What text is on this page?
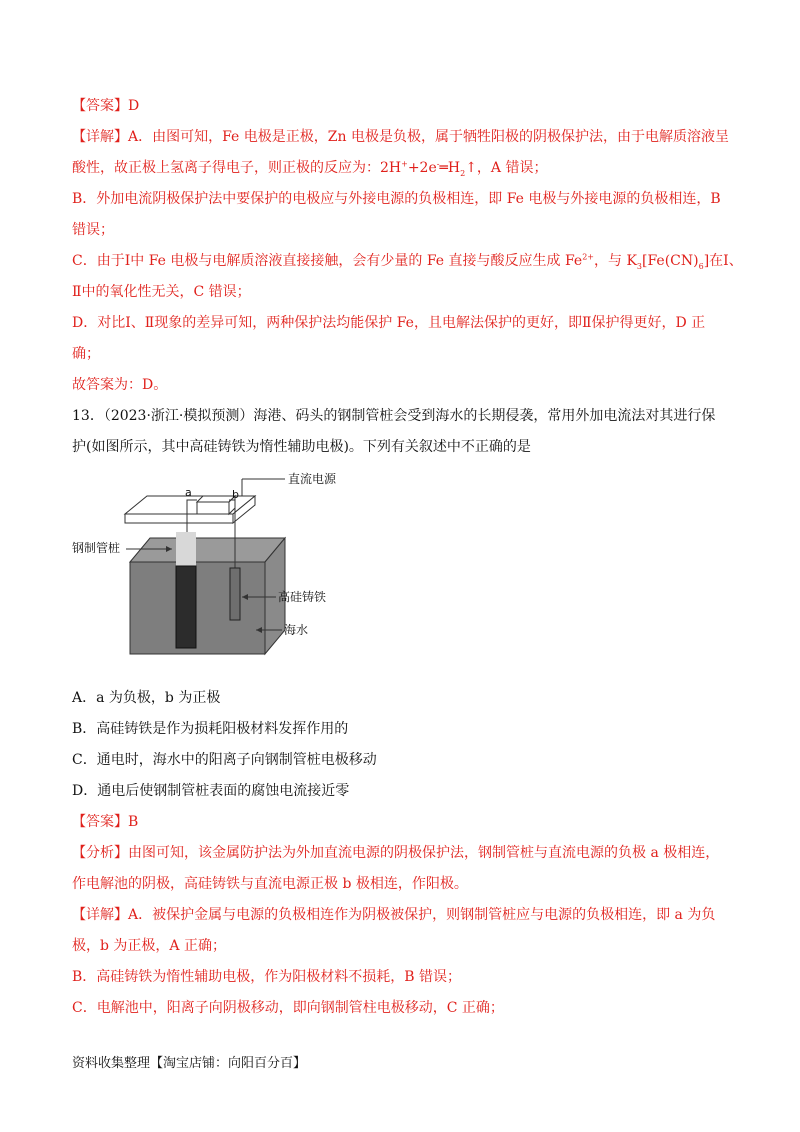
【答案】D
【详解】A．由图可知，Fe 电极是正极，Zn 电极是负极，属于牺牲阳极的阴极保护法，由于电解质溶液呈
酸性，故正极上氢离子得电子，则正极的反应为：$2H^++2e^-═H_2↑$，A 错误；
B．外加电流阴极保护法中要保护的电极应与外接电源的负极相连，即 Fe 电极与外接电源的负极相连，B
错误；
C．由于Ⅰ中 Fe 电极与电解质溶液直接接触，会有少量的 Fe 直接与酸反应生成 $Fe^{2+}$，与 $K_3[Fe(CN)_6]$在Ⅰ、
Ⅱ中的氧化性无关，C 错误；
D．对比Ⅰ、Ⅱ现象的差异可知，两种保护法均能保护 Fe，且电解法保护的更好，即Ⅱ保护得更好，D 正
确；
故答案为：D。
13．（2023·浙江·模拟预测）海港、码头的钢制管桩会受到海水的长期侵袭，常用外加电流法对其进行保
护(如图所示，其中高硅铸铁为惰性辅助电极)。下列有关叙述中不正确的是
a	b
直流电源
钢制管桩
高硅铸铁
海水
A．a 为负极，b 为正极
B．高硅铸铁是作为损耗阳极材料发挥作用的
C．通电时，海水中的阳离子向钢制管桩电极移动
D．通电后使钢制管桩表面的腐蚀电流接近零
【答案】B
【分析】由图可知，该金属防护法为外加直流电源的阴极保护法，钢制管桩与直流电源的负极 a 极相连，
作电解池的阴极，高硅铸铁与直流电源正极 b 极相连，作阳极。
【详解】A．被保护金属与电源的负极相连作为阴极被保护，则钢制管桩应与电源的负极相连，即 a 为负
极，b 为正极，A 正确；
B．高硅铸铁为惰性辅助电极，作为阳极材料不损耗，B 错误；
C．电解池中，阳离子向阴极移动，即向钢制管柱电极移动，C 正确；
资料收集整理【淘宝店铺：向阳百分百】
